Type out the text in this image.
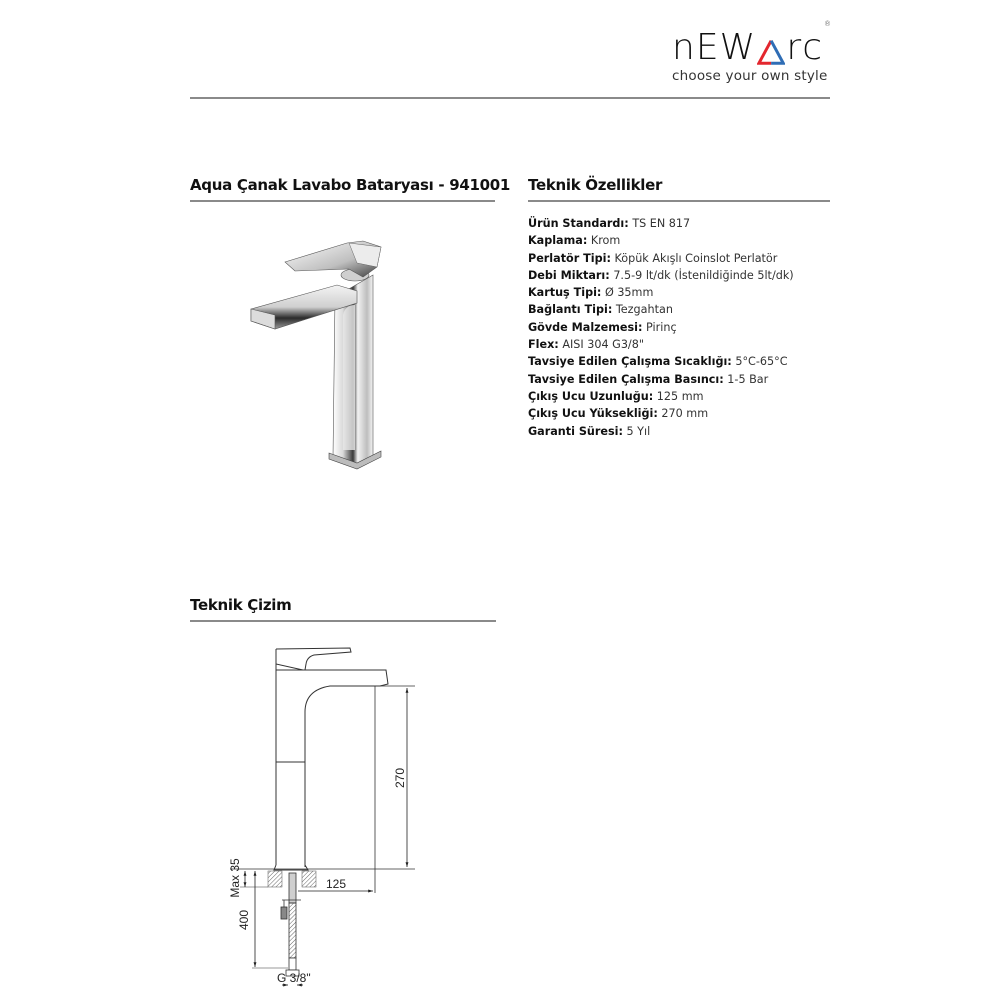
n E W r c
®
choose your own style
Aqua Çanak Lavabo Bataryası - 941001 Teknik Özellikler
Ürün Standardı: TS EN 817
Kaplama: Krom
Perlatör Tipi: Köpük Akışlı Coinslot Perlatör
Debi Miktarı: 7.5-9 lt/dk (İstenildiğinde 5lt/dk)
Kartuş Tipi: Ø 35mm
Bağlantı Tipi: Tezgahtan
Gövde Malzemesi: Pirinç
Flex: AISI 304 G3/8"
Tavsiye Edilen Çalışma Sıcaklığı: 5°C-65°C
Tavsiye Edilen Çalışma Basıncı: 1-5 Bar
Çıkış Ucu Uzunluğu: 125 mm
Çıkış Ucu Yüksekliği: 270 mm
Garanti Süresi: 5 Yıl
Teknik Çizim
270
125
Max 35
400
G 3/8"
